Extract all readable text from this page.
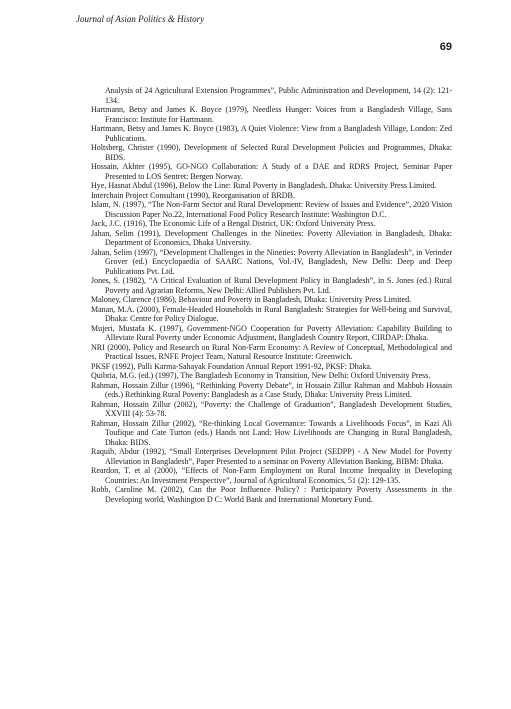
Journal of Asian Politics & History
69
Analysis of 24 Agricultural Extension Programmes”, Public Administration and Development, 14 (2): 121-134.
Hartmann, Betsy and James K. Boyce (1979), Needless Hunger: Voices from a Bangladesh Village, Sans Francisco: Institute for Hartmann.
Hartmann, Betsy and James K. Boyce (1983), A Quiet Violence: View from a Bangladesh Village, London: Zed Publications.
Holtsberg, Christer (1990), Development of Selected Rural Development Policies and Programmes, Dhaka: BIDS.
Hossain, Akhter (1995), GO-NGO Collaboration: A Study of a DAE and RDRS Project, Seminar Paper Presented to LOS Sentret: Bergen Norway.
Hye, Hasnat Abdul (1996), Below the Line: Rural Poverty in Bangladesh, Dhaka: University Press Limited.
Interchain Project Consultant (1990), Reorganisation of BRDB.
Islam, N. (1997), “The Non-Farm Sector and Rural Development: Review of Issues and Evidence”, 2020 Vision Discussion Paper No.22, International Food Policy Research Institute: Washington D.C.
Jack, J.C. (1916), The Economic Life of a Bengal District, UK: Oxford University Press.
Jahan, Selim (1991), Development Challenges in the Nineties: Poverty Alleviation in Bangladesh, Dhaka: Department of Economics, Dhaka University.
Jahan, Selim (1997), “Development Challenges in the Nineties: Poverty Alleviation in Bangladesh”, in Verinder Grover (ed.) Encyclopaedia of SAARC Nations, Vol.-IV, Bangladesh, New Delhi: Deep and Deep Publications Pvt. Ltd.
Jones, S. (1982), “A Critical Evaluation of Rural Development Policy in Bangladesh”, in S. Jones (ed.) Rural Poverty and Agrarian Reforms, New Delhi: Allied Publishers Pvt. Ltd.
Maloney, Clarence (1986), Behaviour and Poverty in Bangladesh, Dhaka: University Press Limited.
Manan, M.A. (2000), Female-Headed Households in Rural Bangladesh: Strategies for Well-being and Survival, Dhaka: Centre for Policy Dialogue.
Mujeri, Mustafa K. (1997), Government-NGO Cooperation for Poverty Alleviation: Capability Building to Alleviate Rural Poverty under Economic Adjustment, Bangladesh Country Report, CIRDAP: Dhaka.
NRI (2000), Policy and Research on Rural Non-Farm Economy: A Review of Conceptual, Methodological and Practical Issues, RNFE Project Team, Natural Resource Institute: Greenwich.
PKSF (1992), Palli Karma-Sahayak Foundation Annual Report 1991-92, PKSF: Dhaka.
Quibria, M.G. (ed.) (1997), The Bangladesh Economy in Transition, New Delhi: Oxford University Press.
Rahman, Hossain Zillur (1996), “Rethinking Poverty Debate”, in Hossain Zillur Rahman and Mahbub Hossain (eds.) Rethinking Rural Poverty: Bangladesh as a Case Study, Dhaka: University Press Limited.
Rahman, Hossain Zillur (2002), “Poverty: the Challenge of Graduation”, Bangladesh Development Studies, XXVIII (4): 53-78.
Rahman, Hossain Zillur (2002), “Re-thinking Local Governance: Towards a Livelihoods Focus”, in Kazi Ali Toufique and Cate Turton (eds.) Hands not Land: How Livelihoods are Changing in Rural Bangladesh, Dhaka: BIDS.
Raquib, Abdur (1992), “Small Enterprises Development Pilot Project (SEDPP) - A New Model for Poverty Alleviation in Bangladesh”, Paper Presented to a seminar on Poverty Alleviation Banking, BIBM: Dhaka.
Reardon, T. et al (2000), “Effects of Non-Farm Employment on Rural Income Inequality in Developing Countries: An Investment Perspective”, Journal of Agricultural Economics, 51 (2): 129-135.
Robb, Caroline M. (2002), Can the Poor Influence Policy? : Participatory Poverty Assessments in the Developing world, Washington D C: World Bank and International Monetary Fund.
